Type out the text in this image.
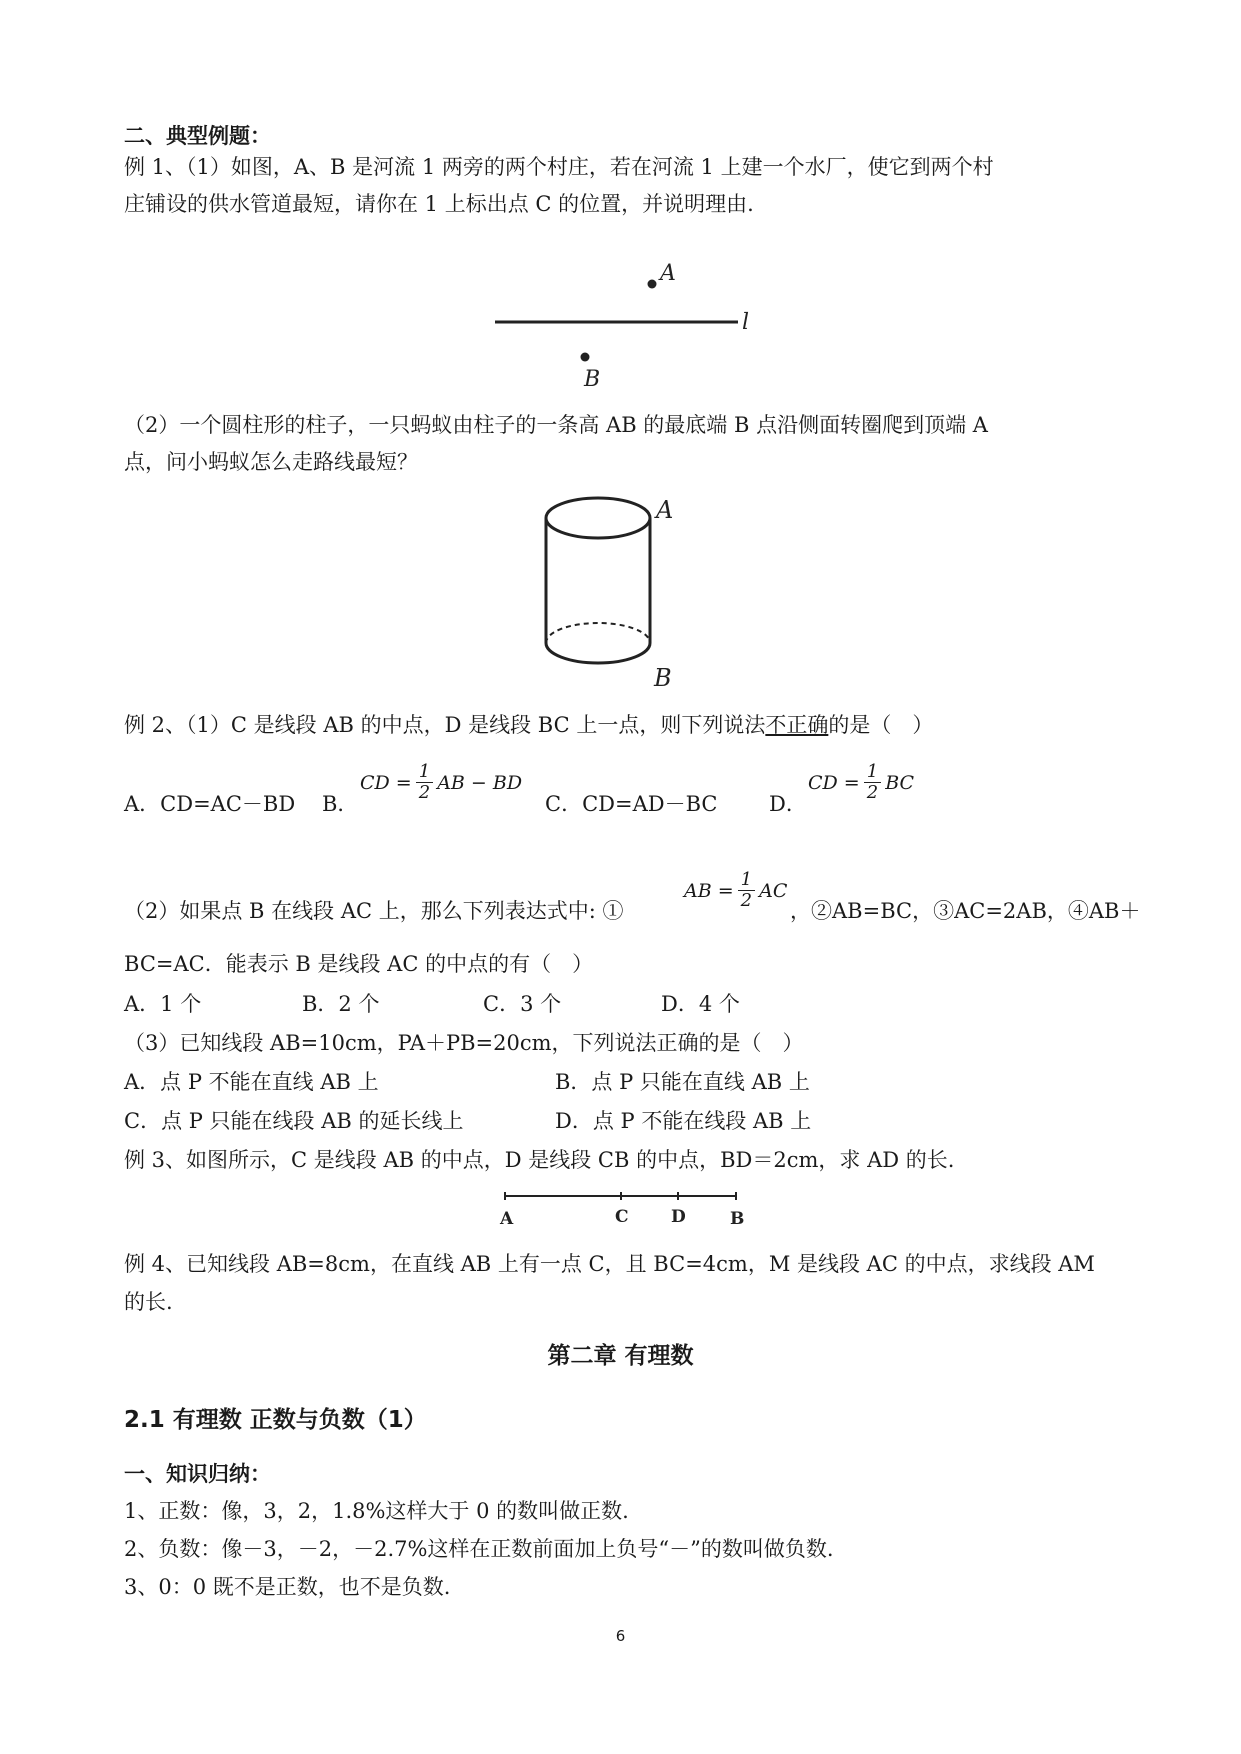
二、典型例题：
例 1、（1）如图，A、B 是河流 1 两旁的两个村庄，若在河流 1 上建一个水厂，使它到两个村
庄铺设的供水管道最短，请你在 1 上标出点 C 的位置，并说明理由.
A
B
l
（2）一个圆柱形的柱子，一只蚂蚁由柱子的一条高 AB 的最底端 B 点沿侧面转圈爬到顶端 A
点，问小蚂蚁怎么走路线最短？
A
B
例 2、（1）C 是线段 AB 的中点，D 是线段 BC 上一点，则下列说法不正确的是（　）
A．CD=AC－BD B．
CD = $\frac{1}{2}$ AB − BD
C．CD=AD－BC D．
CD = $\frac{1}{2}$ BC
（2）如果点 B 在线段 AC 上，那么下列表达式中: ①
AB = $\frac{1}{2}$ AC
，②AB=BC，③AC=2AB，④AB＋
BC=AC．能表示 B 是线段 AC 的中点的有（　）
A．1 个	B．2 个	C．3 个	D．4 个
（3）已知线段 AB=10cm，PA＋PB=20cm，下列说法正确的是（　）
A．点 P 不能在直线 AB 上	B．点 P 只能在直线 AB 上
C．点 P 只能在线段 AB 的延长线上	D．点 P 不能在线段 AB 上
例 3、如图所示，C 是线段 AB 的中点，D 是线段 CB 的中点，BD＝2cm，求 AD 的长.
A	C D	B
例 4、已知线段 AB=8cm，在直线 AB 上有一点 C，且 BC=4cm，M 是线段 AC 的中点，求线段 AM
的长.
第二章 有理数
2.1 有理数 正数与负数（1）
一、知识归纳：
1、正数：像，3，2，1.8%这样大于 0 的数叫做正数.
2、负数：像－3，－2，－2.7%这样在正数前面加上负号“－”的数叫做负数.
3、0：0 既不是正数，也不是负数.
6
